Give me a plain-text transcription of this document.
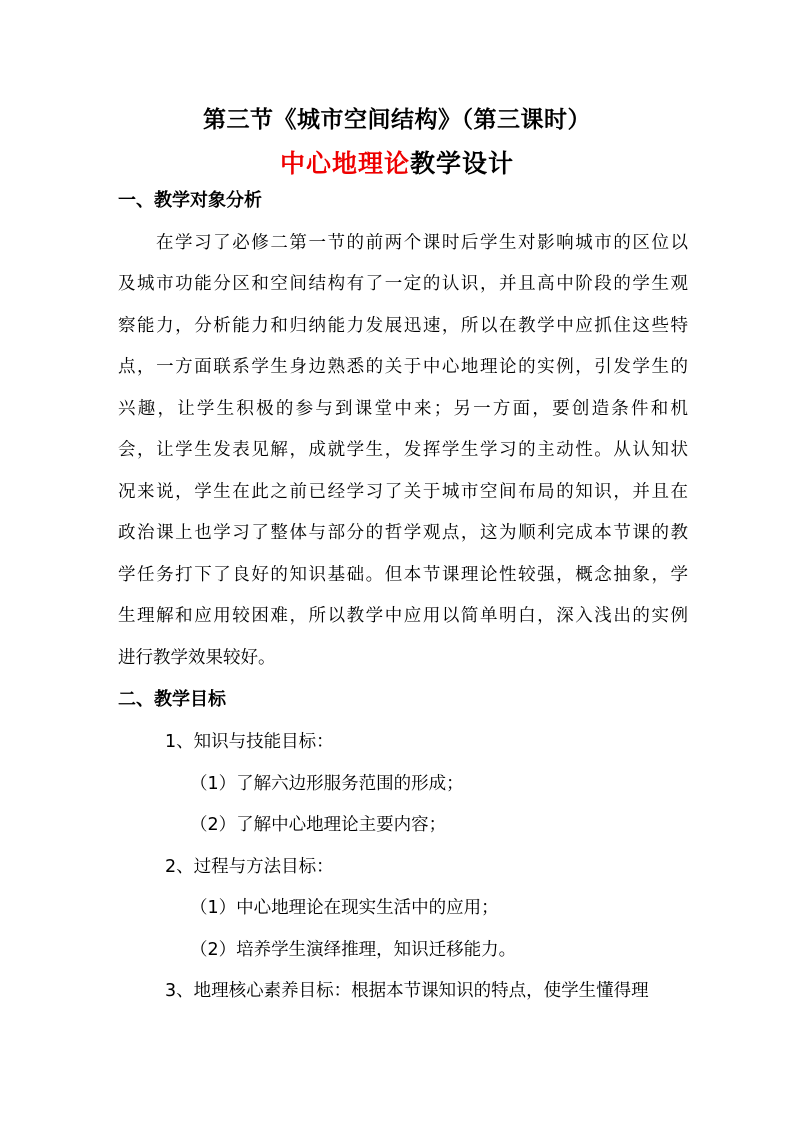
第三节《城市空间结构》（第三课时）
中心地理论教学设计
一、教学对象分析
在学习了必修二第一节的前两个课时后学生对影响城市的区位以
及城市功能分区和空间结构有了一定的认识，并且高中阶段的学生观
察能力，分析能力和归纳能力发展迅速，所以在教学中应抓住这些特
点，一方面联系学生身边熟悉的关于中心地理论的实例，引发学生的
兴趣，让学生积极的参与到课堂中来；另一方面，要创造条件和机
会，让学生发表见解，成就学生，发挥学生学习的主动性。从认知状
况来说，学生在此之前已经学习了关于城市空间布局的知识，并且在
政治课上也学习了整体与部分的哲学观点，这为顺利完成本节课的教
学任务打下了良好的知识基础。但本节课理论性较强，概念抽象，学
生理解和应用较困难，所以教学中应用以简单明白，深入浅出的实例
进行教学效果较好。
二、教学目标
1、知识与技能目标：
（1）了解六边形服务范围的形成；
（2）了解中心地理论主要内容；
2、过程与方法目标：
（1）中心地理论在现实生活中的应用；
（2）培养学生演绎推理，知识迁移能力。
3、地理核心素养目标：根据本节课知识的特点，使学生懂得理
